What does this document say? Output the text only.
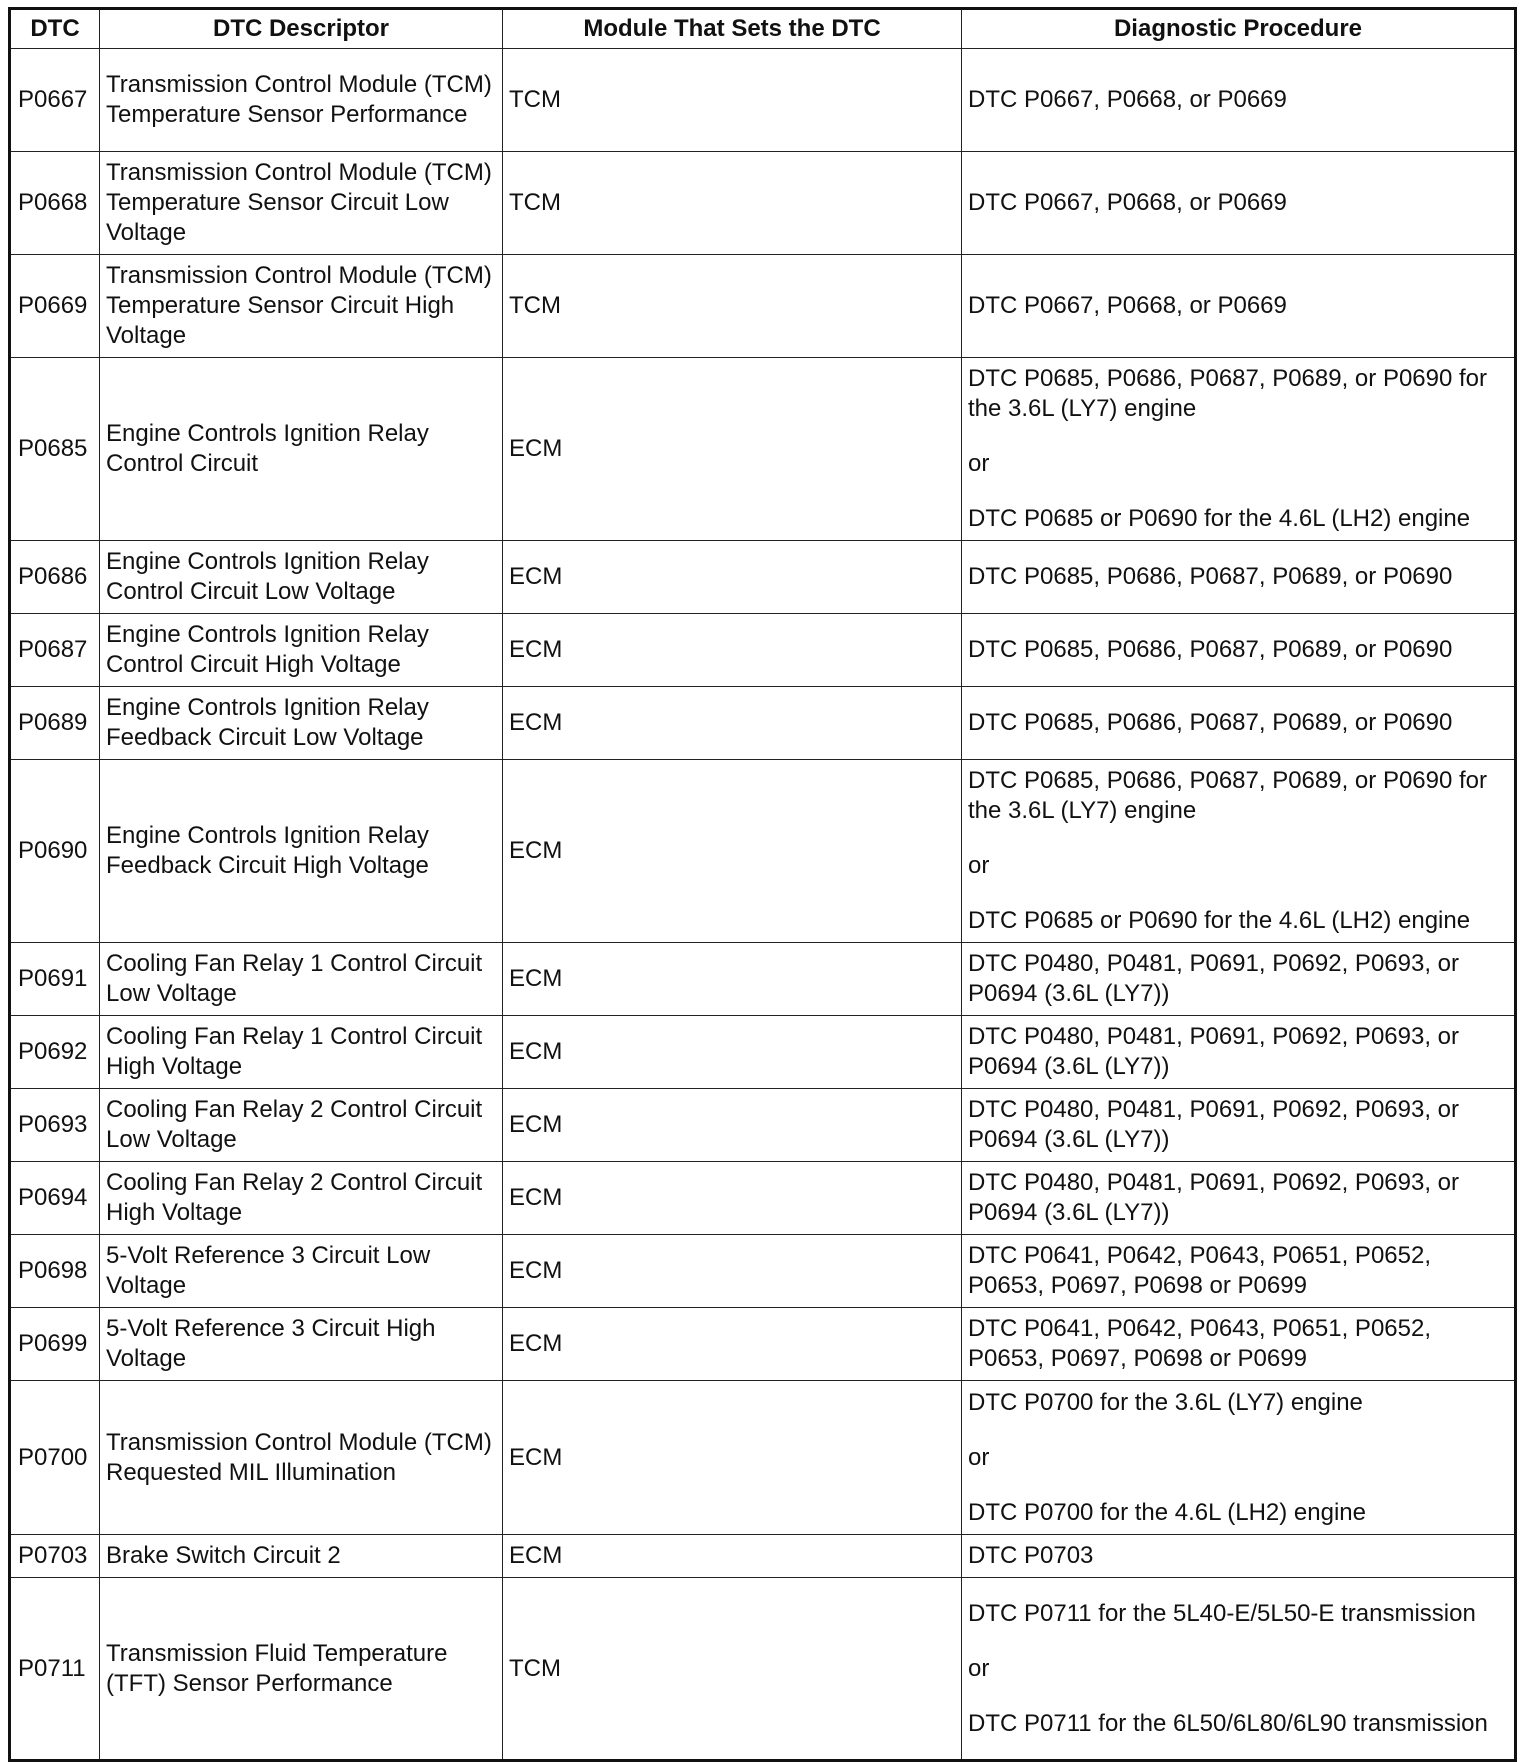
DTC	DTC Descriptor	Module That Sets the DTC	Diagnostic Procedure
P0667	Transmission Control Module (TCM) Temperature Sensor Performance	TCM	DTC P0667, P0668, or P0669

P0668	Transmission Control Module (TCM) Temperature Sensor Circuit Low Voltage	TCM	DTC P0667, P0668, or P0669

P0669	Transmission Control Module (TCM) Temperature Sensor Circuit High Voltage	TCM	DTC P0667, P0668, or P0669

P0685	Engine Controls Ignition Relay Control Circuit	ECM	DTC P0685, P0686, P0687, P0689, or P0690 for the 3.6L (LY7) engine
or
DTC P0685 or P0690 for the 4.6L (LH2) engine

P0686	Engine Controls Ignition Relay Control Circuit Low Voltage	ECM	DTC P0685, P0686, P0687, P0689, or P0690

P0687	Engine Controls Ignition Relay Control Circuit High Voltage	ECM	DTC P0685, P0686, P0687, P0689, or P0690

P0689	Engine Controls Ignition Relay Feedback Circuit Low Voltage	ECM	DTC P0685, P0686, P0687, P0689, or P0690

P0690	Engine Controls Ignition Relay Feedback Circuit High Voltage	ECM	DTC P0685, P0686, P0687, P0689, or P0690 for the 3.6L (LY7) engine
or
DTC P0685 or P0690 for the 4.6L (LH2) engine

P0691	Cooling Fan Relay 1 Control Circuit Low Voltage	ECM	DTC P0480, P0481, P0691, P0692, P0693, or P0694 (3.6L (LY7))

P0692	Cooling Fan Relay 1 Control Circuit High Voltage	ECM	DTC P0480, P0481, P0691, P0692, P0693, or P0694 (3.6L (LY7))

P0693	Cooling Fan Relay 2 Control Circuit Low Voltage	ECM	DTC P0480, P0481, P0691, P0692, P0693, or P0694 (3.6L (LY7))

P0694	Cooling Fan Relay 2 Control Circuit High Voltage	ECM	DTC P0480, P0481, P0691, P0692, P0693, or P0694 (3.6L (LY7))

P0698	5-Volt Reference 3 Circuit Low Voltage	ECM	DTC P0641, P0642, P0643, P0651, P0652, P0653, P0697, P0698 or P0699

P0699	5-Volt Reference 3 Circuit High Voltage	ECM	DTC P0641, P0642, P0643, P0651, P0652, P0653, P0697, P0698 or P0699

P0700	Transmission Control Module (TCM) Requested MIL Illumination	ECM	DTC P0700 for the 3.6L (LY7) engine
or
DTC P0700 for the 4.6L (LH2) engine

P0703	Brake Switch Circuit 2	ECM	DTC P0703

P0711	Transmission Fluid Temperature (TFT) Sensor Performance	TCM	DTC P0711 for the 5L40-E/5L50-E transmission
or
DTC P0711 for the 6L50/6L80/6L90 transmission
